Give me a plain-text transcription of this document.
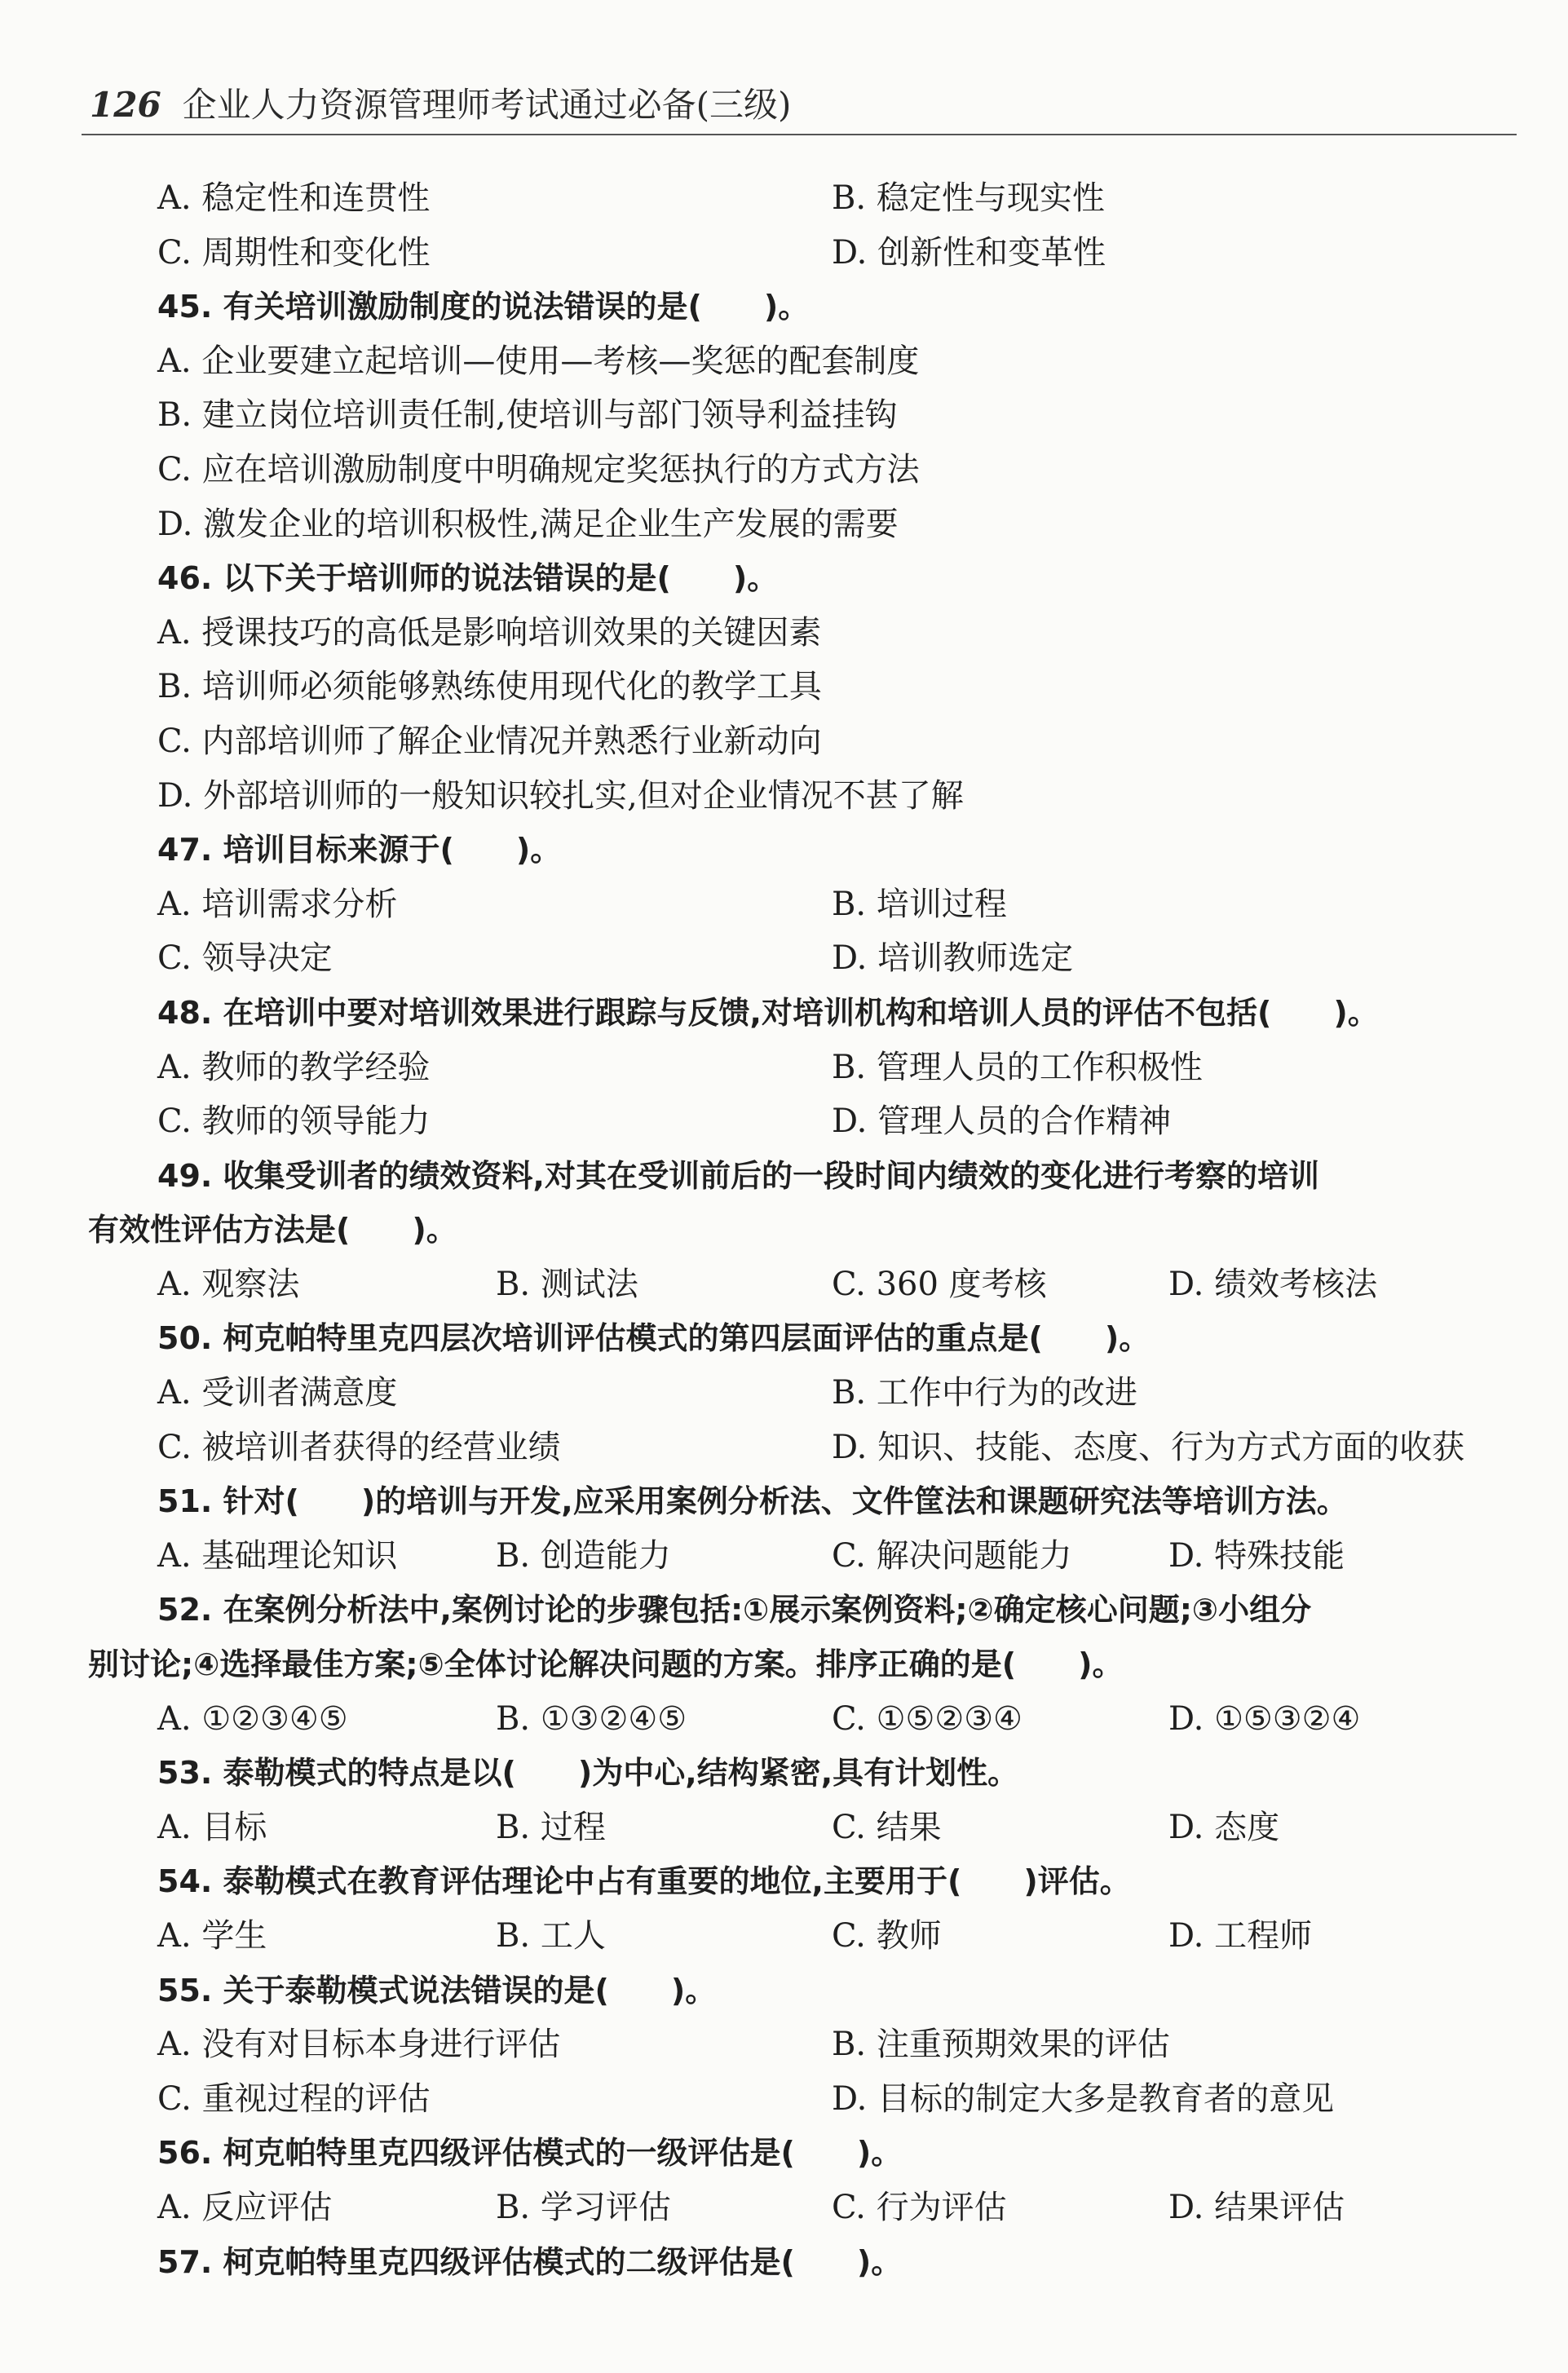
126 企业人力资源管理师考试通过必备(三级)
A. 稳定性和连贯性	B. 稳定性与现实性
C. 周期性和变化性	D. 创新性和变革性
45. 有关培训激励制度的说法错误的是(　　)。
A. 企业要建立起培训—使用—考核—奖惩的配套制度
B. 建立岗位培训责任制,使培训与部门领导利益挂钩
C. 应在培训激励制度中明确规定奖惩执行的方式方法
D. 激发企业的培训积极性,满足企业生产发展的需要
46. 以下关于培训师的说法错误的是(　　)。
A. 授课技巧的高低是影响培训效果的关键因素
B. 培训师必须能够熟练使用现代化的教学工具
C. 内部培训师了解企业情况并熟悉行业新动向
D. 外部培训师的一般知识较扎实,但对企业情况不甚了解
47. 培训目标来源于(　　)。
A. 培训需求分析	B. 培训过程
C. 领导决定	D. 培训教师选定
48. 在培训中要对培训效果进行跟踪与反馈,对培训机构和培训人员的评估不包括(　　)。
A. 教师的教学经验	B. 管理人员的工作积极性
C. 教师的领导能力	D. 管理人员的合作精神
49. 收集受训者的绩效资料,对其在受训前后的一段时间内绩效的变化进行考察的培训
有效性评估方法是(　　)。
A. 观察法	B. 测试法	C. 360 度考核	D. 绩效考核法
50. 柯克帕特里克四层次培训评估模式的第四层面评估的重点是(　　)。
A. 受训者满意度	B. 工作中行为的改进
C. 被培训者获得的经营业绩	D. 知识、技能、态度、行为方式方面的收获
51. 针对(　　)的培训与开发,应采用案例分析法、文件筐法和课题研究法等培训方法。
A. 基础理论知识	B. 创造能力	C. 解决问题能力	D. 特殊技能
52. 在案例分析法中,案例讨论的步骤包括:①展示案例资料;②确定核心问题;③小组分
别讨论;④选择最佳方案;⑤全体讨论解决问题的方案。排序正确的是(　　)。
A. ①②③④⑤	B. ①③②④⑤	C. ①⑤②③④	D. ①⑤③②④
53. 泰勒模式的特点是以(　　)为中心,结构紧密,具有计划性。
A. 目标	B. 过程	C. 结果	D. 态度
54. 泰勒模式在教育评估理论中占有重要的地位,主要用于(　　)评估。
A. 学生	B. 工人	C. 教师	D. 工程师
55. 关于泰勒模式说法错误的是(　　)。
A. 没有对目标本身进行评估	B. 注重预期效果的评估
C. 重视过程的评估	D. 目标的制定大多是教育者的意见
56. 柯克帕特里克四级评估模式的一级评估是(　　)。
A. 反应评估	B. 学习评估	C. 行为评估	D. 结果评估
57. 柯克帕特里克四级评估模式的二级评估是(　　)。
